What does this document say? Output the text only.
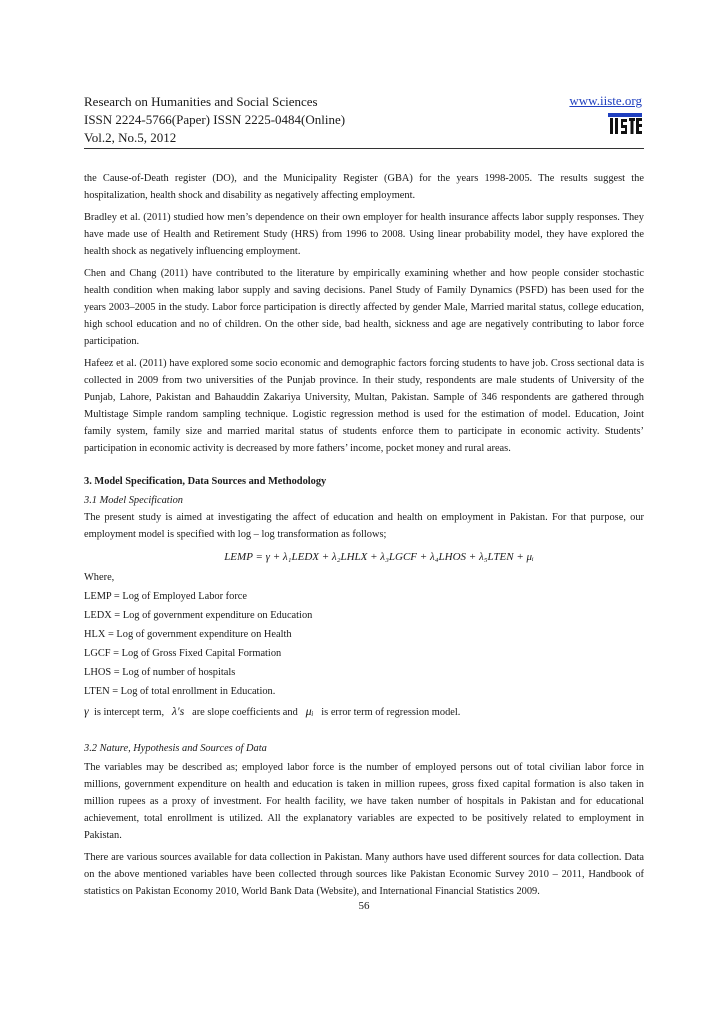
Research on Humanities and Social Sciences
ISSN 2224-5766(Paper) ISSN 2225-0484(Online)
Vol.2, No.5, 2012
www.iiste.org

the Cause-of-Death register (DO), and the Municipality Register (GBA) for the years 1998-2005. The results suggest the hospitalization, health shock and disability as negatively affecting employment.

Bradley et al. (2011) studied how men’s dependence on their own employer for health insurance affects labor supply responses. They have made use of Health and Retirement Study (HRS) from 1996 to 2008. Using linear probability model, they have explored the health shock as negatively influencing employment.

Chen and Chang (2011) have contributed to the literature by empirically examining whether and how people consider stochastic health condition when making labor supply and saving decisions. Panel Study of Family Dynamics (PSFD) has been used for the years 2003–2005 in the study. Labor force participation is directly affected by gender Male, Married marital status, college education, high school education and no of children. On the other side, bad health, sickness and age are negatively contributing to labor force participation.

Hafeez et al. (2011) have explored some socio economic and demographic factors forcing students to have job. Cross sectional data is collected in 2009 from two universities of the Punjab province. In their study, respondents are male students of University of the Punjab, Lahore, Pakistan and Bahauddin Zakariya University, Multan, Pakistan. Sample of 346 respondents are gathered through Multistage Simple random sampling technique. Logistic regression method is used for the estimation of model. Education, Joint family system, family size and married marital status of students enforce them to participate in economic activity. Students’ participation in economic activity is decreased by more fathers’ income, pocket money and rural areas.

3. Model Specification, Data Sources and Methodology
3.1 Model Specification

The present study is aimed at investigating the affect of education and health on employment in Pakistan. For that purpose, our employment model is specified with log – log transformation as follows;

LEMP = γ + λ₁LEDX + λ₂LHLX + λ₃LGCF + λ₄LHOS + λ₅LTEN + μᵢ
Where,
LEMP = Log of Employed Labor force
LEDX = Log of government expenditure on Education
HLX = Log of government expenditure on Health
LGCF = Log of Gross Fixed Capital Formation
LHOS = Log of number of hospitals
LTEN = Log of total enrollment in Education.
γ is intercept term, λ's are slope coefficients and μᵢ is error term of regression model.
3.2 Nature, Hypothesis and Sources of Data

The variables may be described as; employed labor force is the number of employed persons out of total civilian labor force in millions, government expenditure on health and education is taken in million rupees, gross fixed capital formation is also taken in million rupees as a proxy of investment. For health facility, we have taken number of hospitals in Pakistan and for educational achievement, total enrollment is utilized. All the explanatory variables are expected to be positively related to employment in Pakistan.

There are various sources available for data collection in Pakistan. Many authors have used different sources for data collection. Data on the above mentioned variables have been collected through sources like Pakistan Economic Survey 2010 – 2011, Handbook of statistics on Pakistan Economy 2010, World Bank Data (Website), and International Financial Statistics 2009.

56
